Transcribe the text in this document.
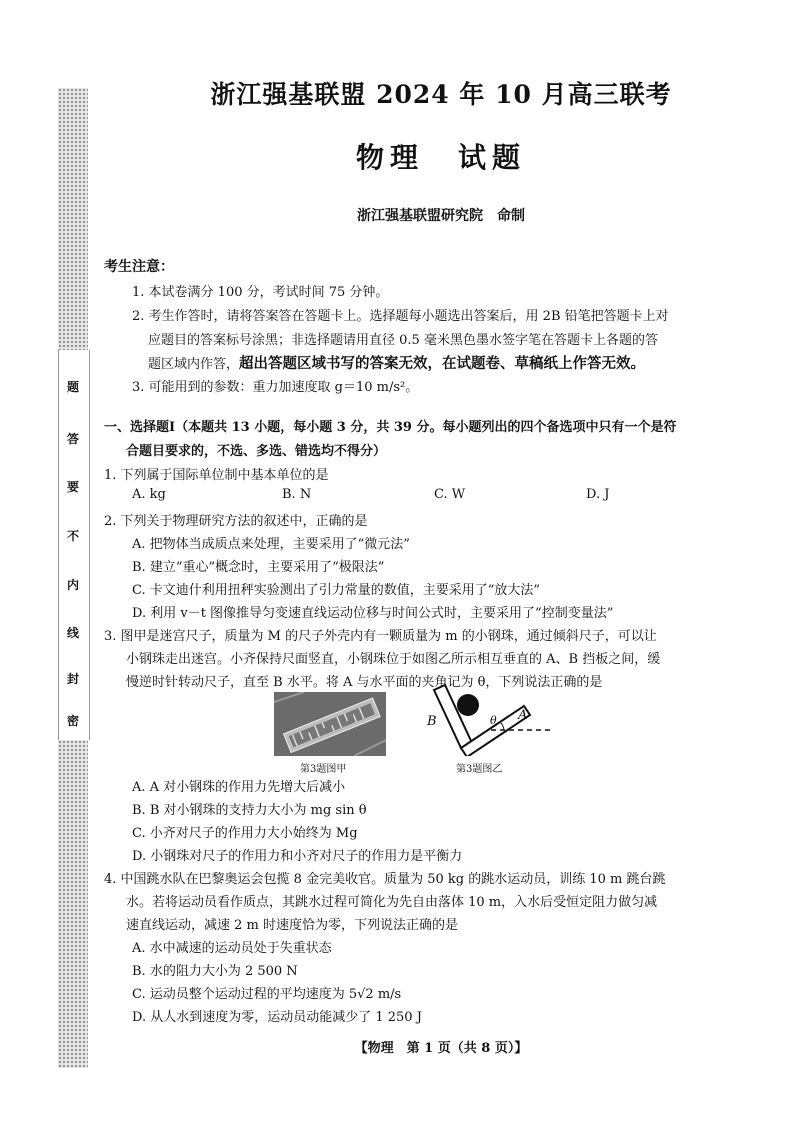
题
答
要
不
内
线
封
密
浙江强基联盟 2024 年 10 月高三联考
物理　试题
浙江强基联盟研究院　命制
考生注意：
1. 本试卷满分 100 分，考试时间 75 分钟。
2. 考生作答时，请将答案答在答题卡上。选择题每小题选出答案后，用 2B 铅笔把答题卡上对
应题目的答案标号涂黑；非选择题请用直径 0.5 毫米黑色墨水签字笔在答题卡上各题的答
题区域内作答，超出答题区域书写的答案无效，在试题卷、草稿纸上作答无效。
3. 可能用到的参数：重力加速度取 g＝10 m/s²。
一、选择题Ⅰ（本题共 13 小题，每小题 3 分，共 39 分。每小题列出的四个备选项中只有一个是符
合题目要求的，不选、多选、错选均不得分）
1. 下列属于国际单位制中基本单位的是
A. kg	B. N	C. W	D. J
2. 下列关于物理研究方法的叙述中，正确的是
A. 把物体当成质点来处理，主要采用了“微元法”
B. 建立“重心”概念时，主要采用了“极限法”
C. 卡文迪什利用扭秤实验测出了引力常量的数值，主要采用了“放大法”
D. 利用 v－t 图像推导匀变速直线运动位移与时间公式时，主要采用了“控制变量法”
3. 图甲是迷宫尺子，质量为 M 的尺子外壳内有一颗质量为 m 的小钢珠，通过倾斜尺子，可以让
小钢珠走出迷宫。小齐保持尺面竖直，小钢珠位于如图乙所示相互垂直的 A、B 挡板之间，缓
慢逆时针转动尺子，直至 B 水平。将 A 与水平面的夹角记为 θ，下列说法正确的是
第3题图甲
B	A
θ
第3题图乙
A. A 对小钢珠的作用力先增大后减小
B. B 对小钢珠的支持力大小为 mg sin θ
C. 小齐对尺子的作用力大小始终为 Mg
D. 小钢珠对尺子的作用力和小齐对尺子的作用力是平衡力
4. 中国跳水队在巴黎奥运会包揽 8 金完美收官。质量为 50 kg 的跳水运动员，训练 10 m 跳台跳
水。若将运动员看作质点，其跳水过程可简化为先自由落体 10 m，入水后受恒定阻力做匀减
速直线运动，减速 2 m 时速度恰为零，下列说法正确的是
A. 水中减速的运动员处于失重状态
B. 水的阻力大小为 2 500 N
C. 运动员整个运动过程的平均速度为 5√2 m/s
D. 从人水到速度为零，运动员动能减少了 1 250 J
【物理　第 1 页（共 8 页）】
